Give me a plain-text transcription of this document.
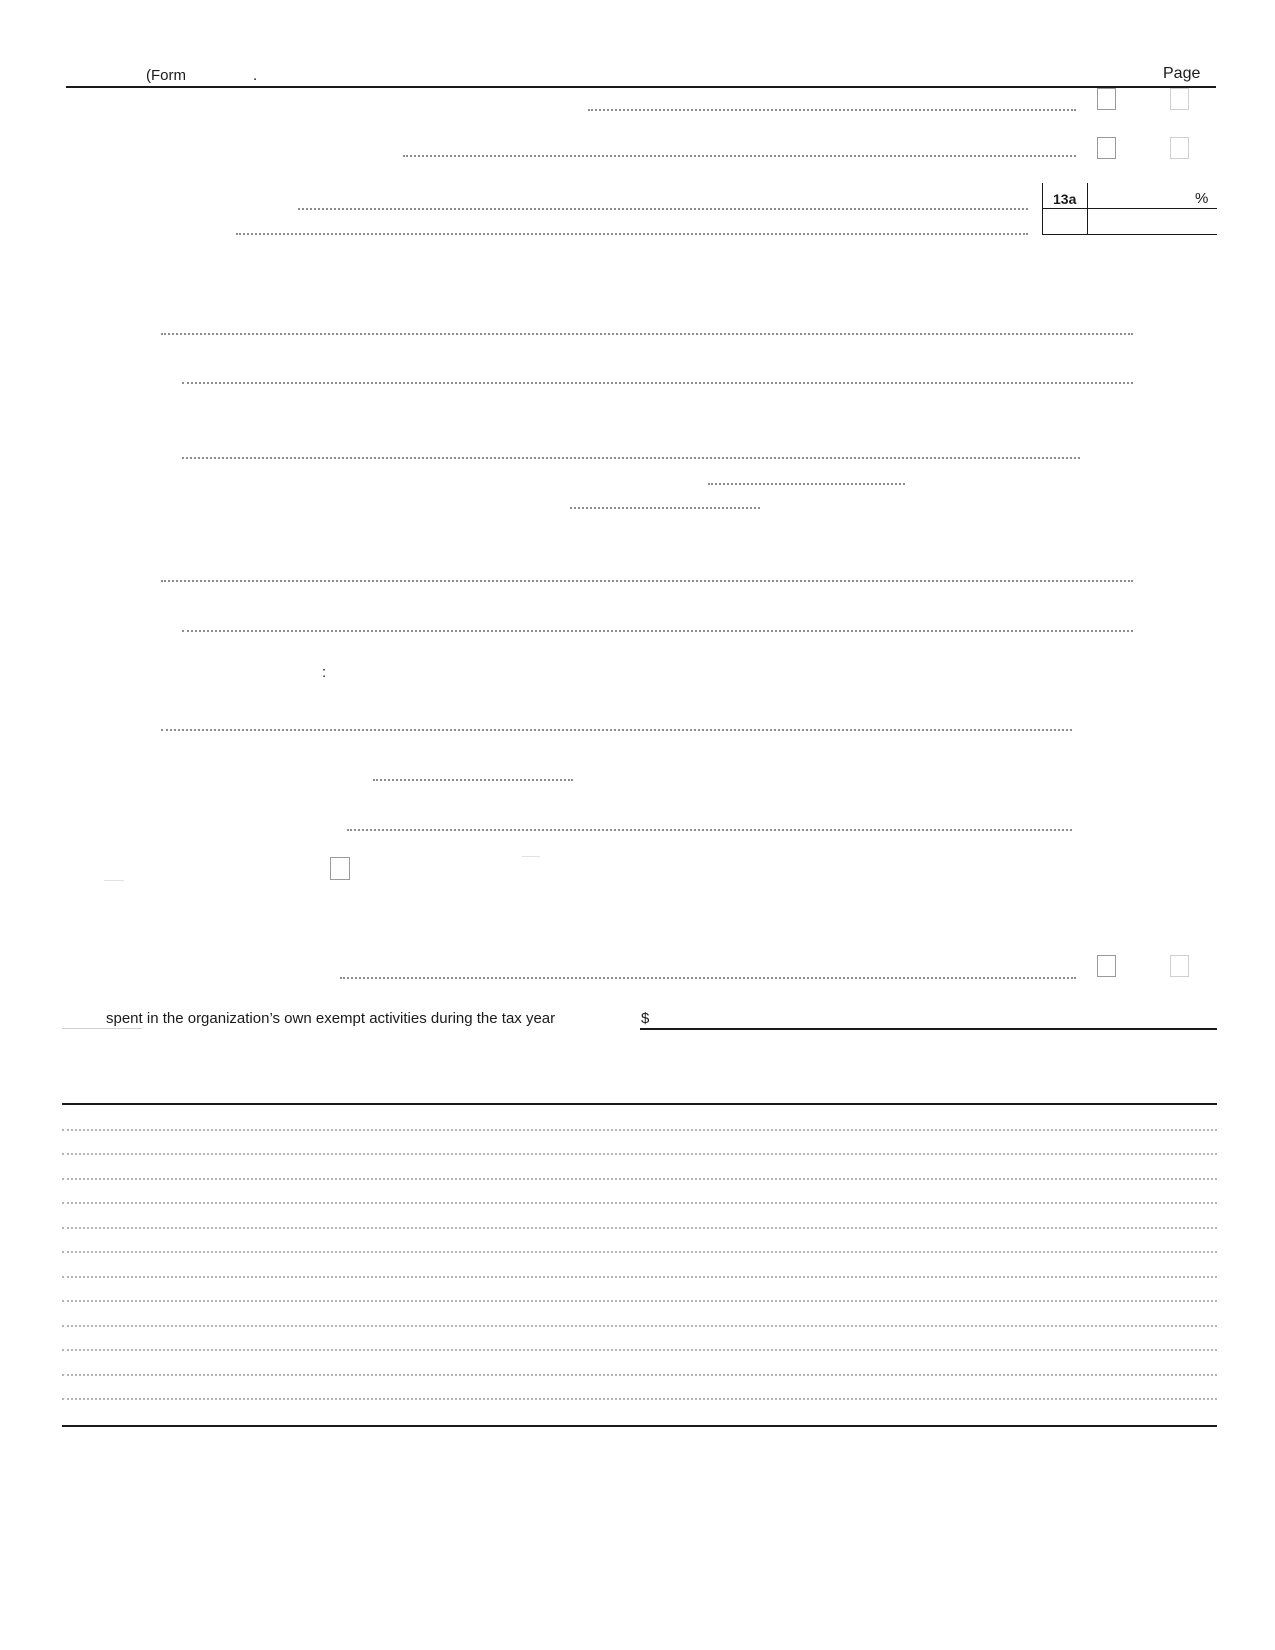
(Form	.	Page
13a	%
:
spent in the organization’s own exempt activities during the tax year	$
